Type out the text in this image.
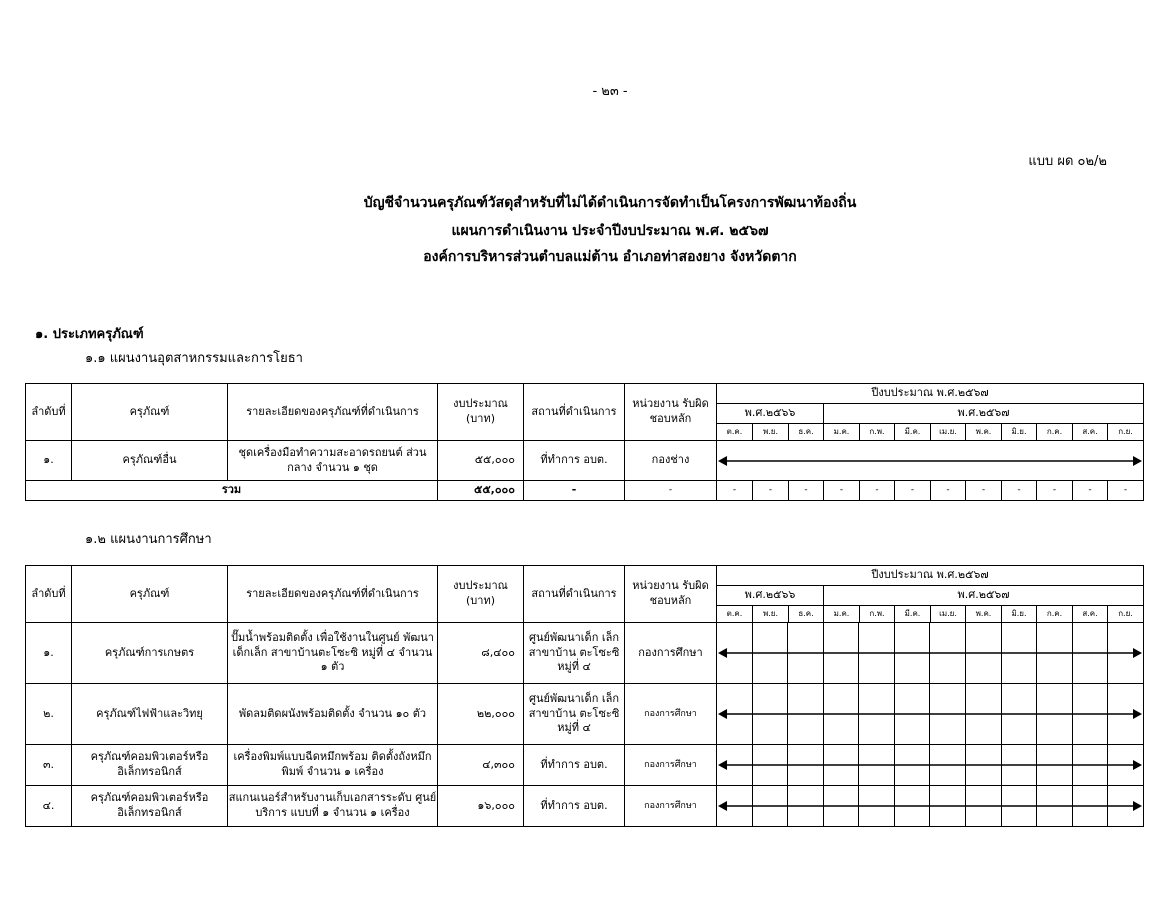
- ๒๓ -
แบบ ผด ๐๒/๒
บัญชีจำนวนครุภัณฑ์วัสดุสำหรับที่ไม่ได้ดำเนินการจัดทำเป็นโครงการพัฒนาท้องถิ่น
แผนการดำเนินงาน ประจำปีงบประมาณ พ.ศ. ๒๕๖๗
องค์การบริหารส่วนตำบลแม่ต้าน อำเภอท่าสองยาง จังหวัดตาก
๑. ประเภทครุภัณฑ์
๑.๑ แผนงานอุตสาหกรรมและการโยธา
ลำดับที่	ครุภัณฑ์	รายละเอียดของครุภัณฑ์ที่ดำเนินการ	งบประมาณ (บาท)	สถานที่ดำเนินการ	หน่วยงาน รับผิดชอบหลัก	ปีงบประมาณ พ.ศ.๒๕๖๗											
						พ.ศ.๒๕๖๖			พ.ศ.๒๕๖๗								
						ต.ค.	พ.ย.	ธ.ค.	ม.ค.	ก.พ.	มี.ค.	เม.ย.	พ.ค.	มิ.ย.	ก.ค.	ส.ค.	ก.ย.
๑.	ครุภัณฑ์อื่น	ชุดเครื่องมือทำความสะอาดรถยนต์ ส่วนกลาง จำนวน ๑ ชุด	๕๕,๐๐๐	ที่ทำการ อบต.	กองช่าง	

รวม			๕๕,๐๐๐	-	-	-	-	-	-	-	-	-	-	-	-	-	-
๑.๒ แผนงานการศึกษา
ลำดับที่	ครุภัณฑ์	รายละเอียดของครุภัณฑ์ที่ดำเนินการ	งบประมาณ (บาท)	สถานที่ดำเนินการ	หน่วยงาน รับผิดชอบหลัก	ปีงบประมาณ พ.ศ.๒๕๖๗											
						พ.ศ.๒๕๖๖			พ.ศ.๒๕๖๗								
						ต.ค.	พ.ย.	ธ.ค.	ม.ค.	ก.พ.	มี.ค.	เม.ย.	พ.ค.	มิ.ย.	ก.ค.	ส.ค.	ก.ย.
๑.	ครุภัณฑ์การเกษตร	ปั๊มน้ำพร้อมติดตั้ง เพื่อใช้งานในศูนย์ พัฒนาเด็กเล็ก สาขาบ้านตะโซะซิ หมู่ที่ ๔ จำนวน ๑ ตัว	๘,๔๐๐	ศูนย์พัฒนาเด็ก เล็ก สาขาบ้าน ตะโซะซิ หมู่ที่ ๔	กองการศึกษา	

๒.	ครุภัณฑ์ไฟฟ้าและวิทยุ	พัดลมติดผนังพร้อมติดตั้ง จำนวน ๑๐ ตัว	๒๒,๐๐๐	ศูนย์พัฒนาเด็ก เล็ก สาขาบ้าน ตะโซะซิ หมู่ที่ ๔	กองการศึกษา	

๓.	ครุภัณฑ์คอมพิวเตอร์หรือ อิเล็กทรอนิกส์	เครื่องพิมพ์แบบฉีดหมึกพร้อม ติดตั้งถังหมึกพิมพ์ จำนวน ๑ เครื่อง	๔,๓๐๐	ที่ทำการ อบต.	กองการศึกษา	

๔.	ครุภัณฑ์คอมพิวเตอร์หรือ อิเล็กทรอนิกส์	สแกนเนอร์สำหรับงานเก็บเอกสารระดับ ศูนย์บริการ แบบที่ ๑ จำนวน ๑ เครื่อง	๑๖,๐๐๐	ที่ทำการ อบต.	กองการศึกษา	
